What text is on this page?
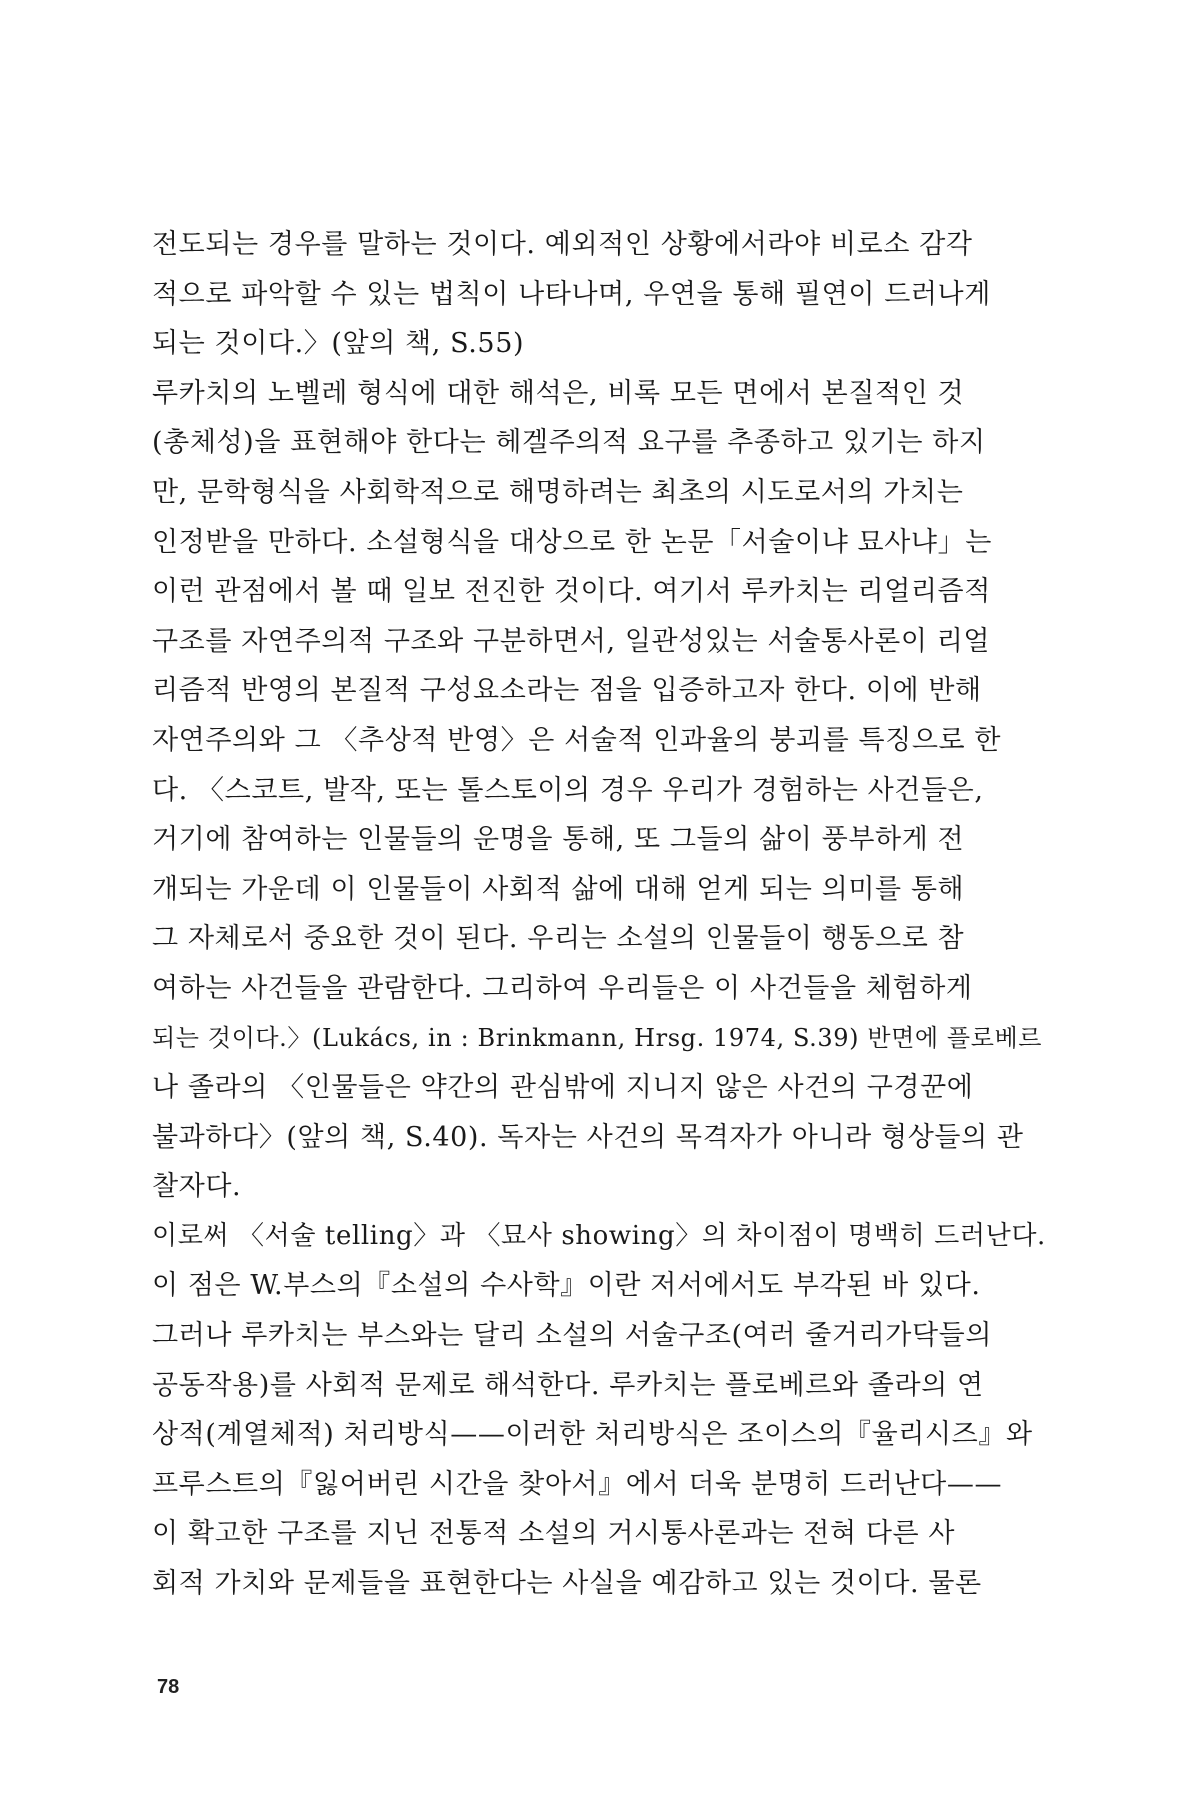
전도되는 경우를 말하는 것이다. 예외적인 상황에서라야 비로소 감각
적으로 파악할 수 있는 법칙이 나타나며, 우연을 통해 필연이 드러나게
되는 것이다.〉(앞의 책, S.55)
루카치의 노벨레 형식에 대한 해석은, 비록 모든 면에서 본질적인 것
(총체성)을 표현해야 한다는 헤겔주의적 요구를 추종하고 있기는 하지
만, 문학형식을 사회학적으로 해명하려는 최초의 시도로서의 가치는
인정받을 만하다. 소설형식을 대상으로 한 논문「서술이냐 묘사냐」는
이런 관점에서 볼 때 일보 전진한 것이다. 여기서 루카치는 리얼리즘적
구조를 자연주의적 구조와 구분하면서, 일관성있는 서술통사론이 리얼
리즘적 반영의 본질적 구성요소라는 점을 입증하고자 한다. 이에 반해
자연주의와 그 〈추상적 반영〉은 서술적 인과율의 붕괴를 특징으로 한
다. 〈스코트, 발작, 또는 톨스토이의 경우 우리가 경험하는 사건들은,
거기에 참여하는 인물들의 운명을 통해, 또 그들의 삶이 풍부하게 전
개되는 가운데 이 인물들이 사회적 삶에 대해 얻게 되는 의미를 통해
그 자체로서 중요한 것이 된다. 우리는 소설의 인물들이 행동으로 참
여하는 사건들을 관람한다. 그리하여 우리들은 이 사건들을 체험하게
되는 것이다.〉(Lukács, in : Brinkmann, Hrsg. 1974, S.39) 반면에 플로베르
나 졸라의 〈인물들은 약간의 관심밖에 지니지 않은 사건의 구경꾼에
불과하다〉(앞의 책, S.40). 독자는 사건의 목격자가 아니라 형상들의 관
찰자다.
이로써 〈서술 telling〉과 〈묘사 showing〉의 차이점이 명백히 드러난다.
이 점은 W.부스의『소설의 수사학』이란 저서에서도 부각된 바 있다.
그러나 루카치는 부스와는 달리 소설의 서술구조(여러 줄거리가닥들의
공동작용)를 사회적 문제로 해석한다. 루카치는 플로베르와 졸라의 연
상적(계열체적) 처리방식——이러한 처리방식은 조이스의『율리시즈』와
프루스트의『잃어버린 시간을 찾아서』에서 더욱 분명히 드러난다——
이 확고한 구조를 지닌 전통적 소설의 거시통사론과는 전혀 다른 사
회적 가치와 문제들을 표현한다는 사실을 예감하고 있는 것이다. 물론
78
